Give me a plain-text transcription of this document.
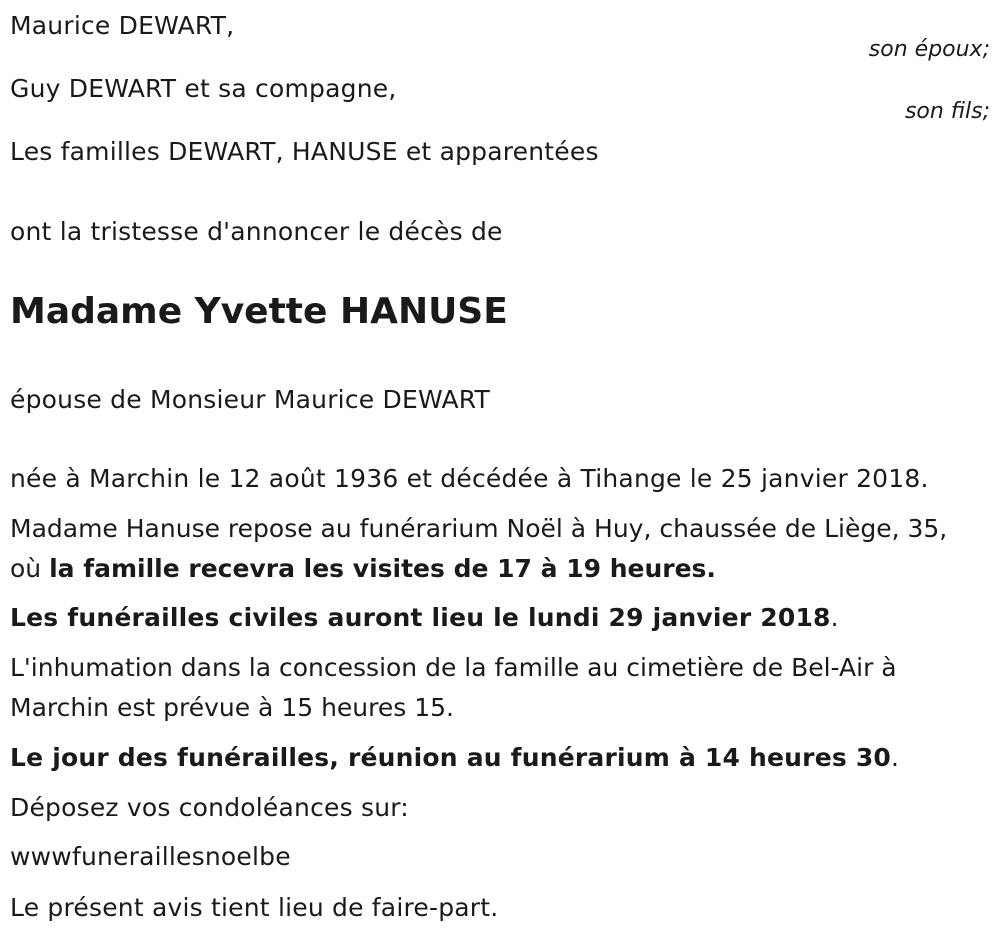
Maurice DEWART,
son époux;
Guy DEWART et sa compagne,
son fils;
Les familles DEWART, HANUSE et apparentées
ont la tristesse d'annoncer le décès de
Madame Yvette HANUSE
épouse de Monsieur Maurice DEWART
née à Marchin le 12 août 1936 et décédée à Tihange le 25 janvier 2018.
Madame Hanuse repose au funérarium Noël à Huy, chaussée de Liège, 35, où la famille recevra les visites de 17 à 19 heures.
Les funérailles civiles auront lieu le lundi 29 janvier 2018.
L'inhumation dans la concession de la famille au cimetière de Bel-Air à Marchin est prévue à 15 heures 15.
Le jour des funérailles, réunion au funérarium à 14 heures 30.
Déposez vos condoléances sur:
wwwfuneraillesnoelbe
Le présent avis tient lieu de faire-part.
